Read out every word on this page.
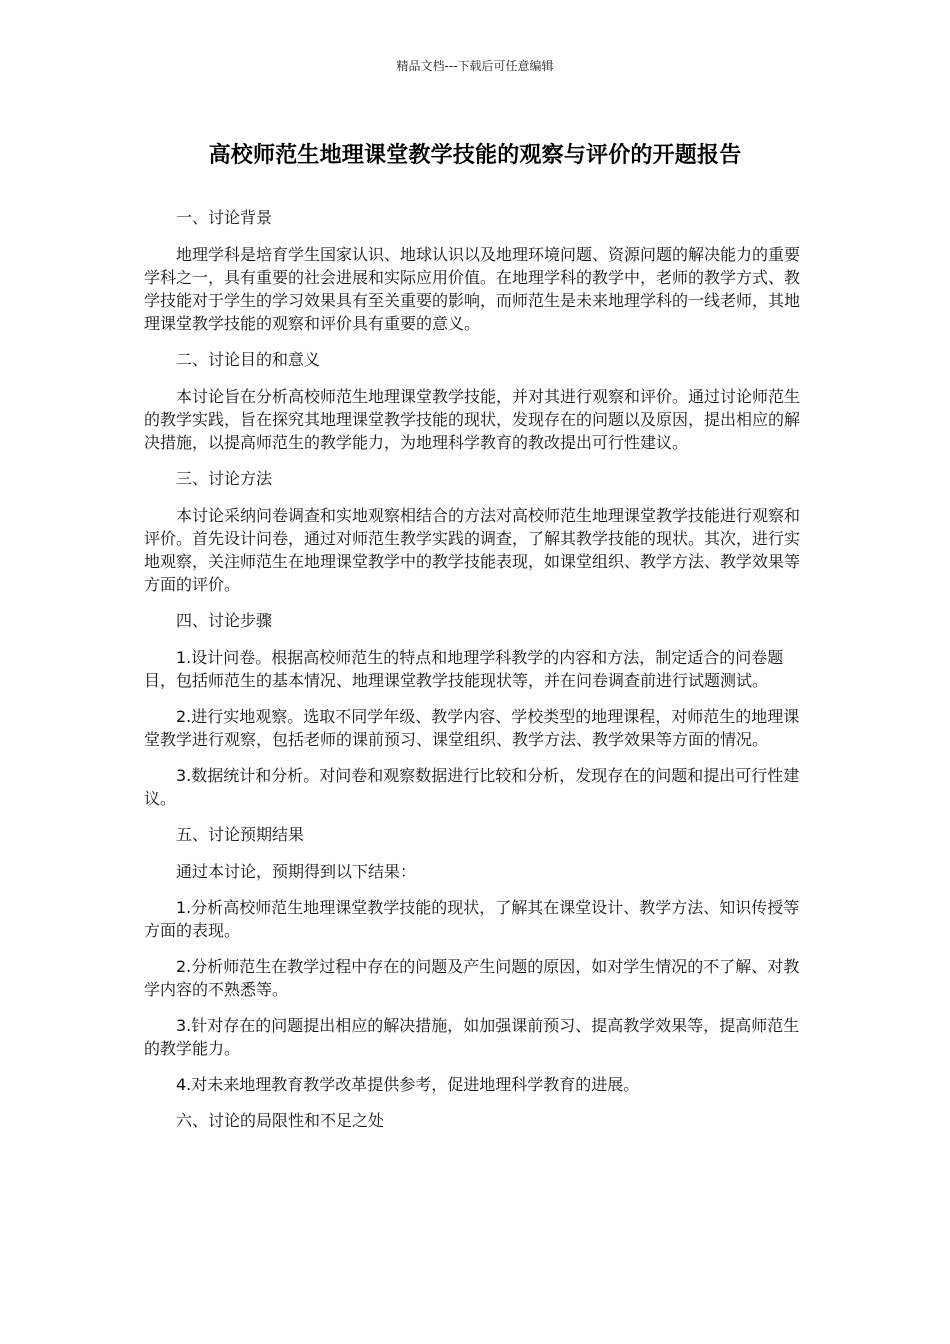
精品文档---下载后可任意编辑
高校师范生地理课堂教学技能的观察与评价的开题报告

一、讨论背景

地理学科是培育学生国家认识、地球认识以及地理环境问题、资源问题的解决能力的重要学科之一，具有重要的社会进展和实际应用价值。在地理学科的教学中，老师的教学方式、教学技能对于学生的学习效果具有至关重要的影响，而师范生是未来地理学科的一线老师，其地理课堂教学技能的观察和评价具有重要的意义。

二、讨论目的和意义

本讨论旨在分析高校师范生地理课堂教学技能，并对其进行观察和评价。通过讨论师范生的教学实践，旨在探究其地理课堂教学技能的现状，发现存在的问题以及原因，提出相应的解决措施，以提高师范生的教学能力，为地理科学教育的教改提出可行性建议。

三、讨论方法

本讨论采纳问卷调查和实地观察相结合的方法对高校师范生地理课堂教学技能进行观察和评价。首先设计问卷，通过对师范生教学实践的调查，了解其教学技能的现状。其次，进行实地观察，关注师范生在地理课堂教学中的教学技能表现，如课堂组织、教学方法、教学效果等方面的评价。

四、讨论步骤

1.设计问卷。根据高校师范生的特点和地理学科教学的内容和方法，制定适合的问卷题目，包括师范生的基本情况、地理课堂教学技能现状等，并在问卷调查前进行试题测试。

2.进行实地观察。选取不同学年级、教学内容、学校类型的地理课程，对师范生的地理课堂教学进行观察，包括老师的课前预习、课堂组织、教学方法、教学效果等方面的情况。

3.数据统计和分析。对问卷和观察数据进行比较和分析，发现存在的问题和提出可行性建议。

五、讨论预期结果

通过本讨论，预期得到以下结果：

1.分析高校师范生地理课堂教学技能的现状，了解其在课堂设计、教学方法、知识传授等方面的表现。

2.分析师范生在教学过程中存在的问题及产生问题的原因，如对学生情况的不了解、对教学内容的不熟悉等。

3.针对存在的问题提出相应的解决措施，如加强课前预习、提高教学效果等，提高师范生的教学能力。

4.对未来地理教育教学改革提供参考，促进地理科学教育的进展。

六、讨论的局限性和不足之处
